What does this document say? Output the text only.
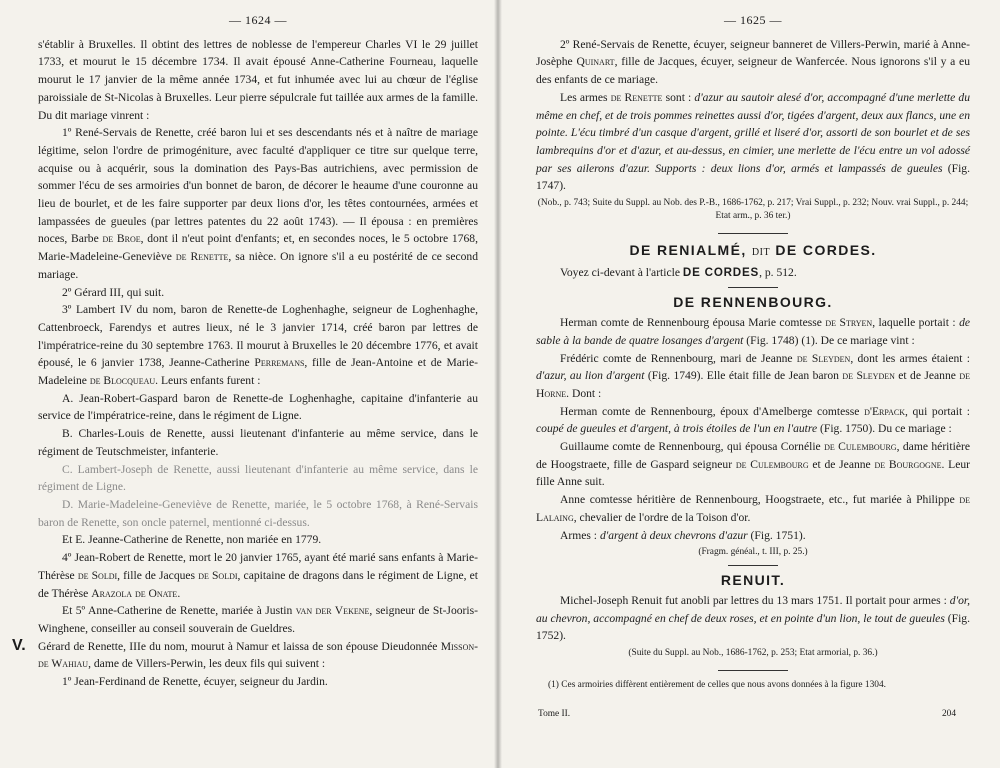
— 1624 —

s'établir à Bruxelles. Il obtint des lettres de noblesse de l'empereur Charles VI le 29 juillet 1733, et mourut le 15 décembre 1734. Il avait épousé Anne-Catherine Fourneau, laquelle mourut le 17 janvier de la même année 1734, et fut inhumée avec lui au chœur de l'église paroissiale de St-Nicolas à Bruxelles. Leur pierre sépulcrale fut taillée aux armes de la famille. Du dit mariage vinrent :

1º René-Servais de Renette, créé baron lui et ses descendants nés et à naître de mariage légitime, selon l'ordre de primogéniture, avec faculté d'appliquer ce titre sur quelque terre, acquise ou à acquérir, sous la domination des Pays-Bas autrichiens, avec permission de sommer l'écu de ses armoiries d'un bonnet de baron, de décorer le heaume d'une couronne au lieu de bourlet, et de les faire supporter par deux lions d'or, les têtes contournées, armées et lampassées de gueules (par lettres patentes du 22 août 1743). — Il épousa : en premières noces, Barbe de Broe, dont il n'eut point d'enfants; et, en secondes noces, le 5 octobre 1768, Marie-Madeleine-Geneviève de Renette, sa nièce. On ignore s'il a eu postérité de ce second mariage.

2º Gérard III, qui suit.

3º Lambert IV du nom, baron de Renette-de Loghenhaghe, seigneur de Loghenhaghe, Cattenbroeck, Farendys et autres lieux, né le 3 janvier 1714, créé baron par lettres de l'impératrice-reine du 30 septembre 1763. Il mourut à Bruxelles le 20 décembre 1776, et avait épousé, le 6 janvier 1738, Jeanne-Catherine Perremans, fille de Jean-Antoine et de Marie-Madeleine de Blocqueau. Leurs enfants furent :

A. Jean-Robert-Gaspard baron de Renette-de Loghenhaghe, capitaine d'infanterie au service de l'impératrice-reine, dans le régiment de Ligne.

B. Charles-Louis de Renette, aussi lieutenant d'infanterie au même service, dans le régiment de Teutschmeister, infanterie.

C. Lambert-Joseph de Renette, aussi lieutenant d'infanterie au même service, dans le régiment de Ligne.

D. Marie-Madeleine-Geneviève de Renette, mariée, le 5 octobre 1768, à René-Servais baron de Renette, son oncle paternel, mentionné ci-dessus.

Et E. Jeanne-Catherine de Renette, non mariée en 1779.

4º Jean-Robert de Renette, mort le 20 janvier 1765, ayant été marié sans enfants à Marie-Thérèse de Soldi, fille de Jacques de Soldi, capitaine de dragons dans le régiment de Ligne, et de Thérèse Arazola de Onate.

Et 5º Anne-Catherine de Renette, mariée à Justin van der Vekene, seigneur de St-Jooris-Winghene, conseiller au conseil souverain de Gueldres.

V. Gérard de Renette, IIIe du nom, mourut à Namur et laissa de son épouse Dieudonnée Misson-de Wahiau, dame de Villers-Perwin, les deux fils qui suivent :

1º Jean-Ferdinand de Renette, écuyer, seigneur du Jardin.

— 1625 —

2º René-Servais de Renette, écuyer, seigneur banneret de Villers-Perwin, marié à Anne-Josèphe Quinart, fille de Jacques, écuyer, seigneur de Wanfercée. Nous ignorons s'il y a eu des enfants de ce mariage.

Les armes de Renette sont : d'azur au sautoir alesé d'or, accompagné d'une merlette du même en chef, et de trois pommes reinettes aussi d'or, tigées d'argent, deux aux flancs, une en pointe. L'écu timbré d'un casque d'argent, grillé et liseré d'or, assorti de son bourlet et de ses lambrequins d'or et d'azur, et au-dessus, en cimier, une merlette de l'écu entre un vol adossé par ses ailerons d'azur. Supports : deux lions d'or, armés et lampassés de gueules (Fig. 1747).

(Nob., p. 743; Suite du Suppl. au Nob. des P.-B., 1686-1762, p. 217; Vrai Suppl., p. 232; Nouv. vrai Suppl., p. 244; Etat arm., p. 36 ter.)

DE RENIALMÉ, DIT DE CORDES.

Voyez ci-devant à l'article DE CORDES, p. 512.

DE RENNENBOURG.

Herman comte de Rennenbourg épousa Marie comtesse de Stryen, laquelle portait : de sable à la bande de quatre losanges d'argent (Fig. 1748) (1). De ce mariage vint :

Frédéric comte de Rennenbourg, mari de Jeanne de Sleyden, dont les armes étaient : d'azur, au lion d'argent (Fig. 1749). Elle était fille de Jean baron de Sleyden et de Jeanne de Horne. Dont :

Herman comte de Rennenbourg, époux d'Amelberge comtesse d'Erpack, qui portait : coupé de gueules et d'argent, à trois étoiles de l'un en l'autre (Fig. 1750). Du ce mariage :

Guillaume comte de Rennenbourg, qui épousa Cornélie de Culembourg, dame héritière de Hoogstraete, fille de Gaspard seigneur de Culembourg et de Jeanne de Bourgogne. Leur fille Anne suit.

Anne comtesse héritière de Rennenbourg, Hoogstraete, etc., fut mariée à Philippe de Lalaing, chevalier de l'ordre de la Toison d'or.

Armes : d'argent à deux chevrons d'azur (Fig. 1751).

(Fragm. généal., t. III, p. 25.)

RENUIT.

Michel-Joseph Renuit fut anobli par lettres du 13 mars 1751. Il portait pour armes : d'or, au chevron, accompagné en chef de deux roses, et en pointe d'un lion, le tout de gueules (Fig. 1752).

(Suite du Suppl. au Nob., 1686-1762, p. 253; Etat armorial, p. 36.)

(1) Ces armoiries diffèrent entièrement de celles que nous avons données à la figure 1304.

Tome II.	204
